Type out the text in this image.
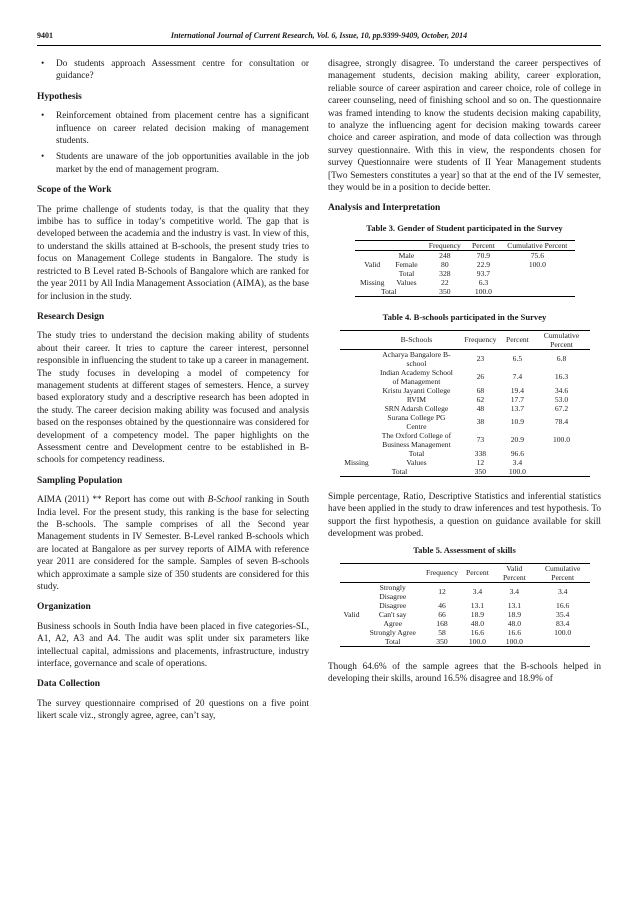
9401	International Journal of Current Research, Vol. 6, Issue, 10, pp.9399-9409, October, 2014
• Do students approach Assessment centre for consultation or guidance?
Hypothesis
• Reinforcement obtained from placement centre has a significant influence on career related decision making of management students.
• Students are unaware of the job opportunities available in the job market by the end of management program.
Scope of the Work

The prime challenge of students today, is that the quality that they imbibe has to suffice in today’s competitive world. The gap that is developed between the academia and the industry is vast. In view of this, to understand the skills attained at B-schools, the present study tries to focus on Management College students in Bangalore. The study is restricted to B Level rated B-Schools of Bangalore which are ranked for the year 2011 by All India Management Association (AIMA), as the base for inclusion in the study.

Research Design

The study tries to understand the decision making ability of students about their career. It tries to capture the career interest, personnel responsible in influencing the student to take up a career in management. The study focuses in developing a model of competency for management students at different stages of semesters. Hence, a survey based exploratory study and a descriptive research has been adopted in the study. The career decision making ability was focused and analysis based on the responses obtained by the questionnaire was considered for development of a competency model. The paper highlights on the Assessment centre and Development centre to be established in B-schools for competency readiness.

Sampling Population

AIMA (2011) ** Report has come out with B-School ranking in South India level. For the present study, this ranking is the base for selecting the B-schools. The sample comprises of all the Second year Management students in IV Semester. B-Level ranked B-schools which are located at Bangalore as per survey reports of AIMA with reference year 2011 are considered for the sample. Samples of seven B-schools which approximate a sample size of 350 students are considered for this study.

Organization

Business schools in South India have been placed in five categories-SL, A1, A2, A3 and A4. The audit was split under six parameters like intellectual capital, admissions and placements, infrastructure, industry interface, governance and scale of operations.

Data Collection

The survey questionnaire comprised of 20 questions on a five point likert scale viz., strongly agree, agree, can’t say,

disagree, strongly disagree. To understand the career perspectives of management students, decision making ability, career exploration, reliable source of career aspiration and career choice, role of college in career counseling, need of finishing school and so on. The questionnaire was framed intending to know the students decision making capability, to analyze the influencing agent for decision making towards career choice and career aspiration, and mode of data collection was through survey questionnaire. With this in view, the respondents chosen for survey Questionnaire were students of II Year Management students [Two Semesters constitutes a year] so that at the end of the IV semester, they would be in a position to decide better.

Analysis and Interpretation
Table 3. Gender of Student participated in the Survey
		Frequency	Percent	Cumulative Percent
	Male	248	70.9	75.6
Valid	Female	80	22.9	100.0
	Total	328	93.7	
Missing	Values	22	6.3	
Total		350	100.0	
Table 4. B-schools participated in the Survey
	B-Schools	Frequency	Percent	Cumulative Percent
	Acharya Bangalore B-school	23	6.5	6.8
	Indian Academy School of Management	26	7.4	16.3
	Kristu Jayanti College	68	19.4	34.6
	RVIM	62	17.7	53.0
	SRN Adarsh College	48	13.7	67.2
	Surana College PG Centre	38	10.9	78.4
	The Oxford College of Business Management	73	20.9	100.0
	Total	338	96.6	
Missing	Values	12	3.4	
Total		350	100.0	

Simple percentage, Ratio, Descriptive Statistics and inferential statistics have been applied in the study to draw inferences and test hypothesis. To support the first hypothesis, a question on guidance available for skill development was probed.

Table 5. Assessment of skills
		Frequency	Percent	Valid Percent	Cumulative Percent
Valid	Strongly Disagree	12	3.4	3.4	3.4
	Disagree	46	13.1	13.1	16.6
	Can't say	66	18.9	18.9	35.4
	Agree	168	48.0	48.0	83.4
	Strongly Agree	58	16.6	16.6	100.0
	Total	350	100.0	100.0	

Though 64.6% of the sample agrees that the B-schools helped in developing their skills, around 16.5% disagree and 18.9% of
